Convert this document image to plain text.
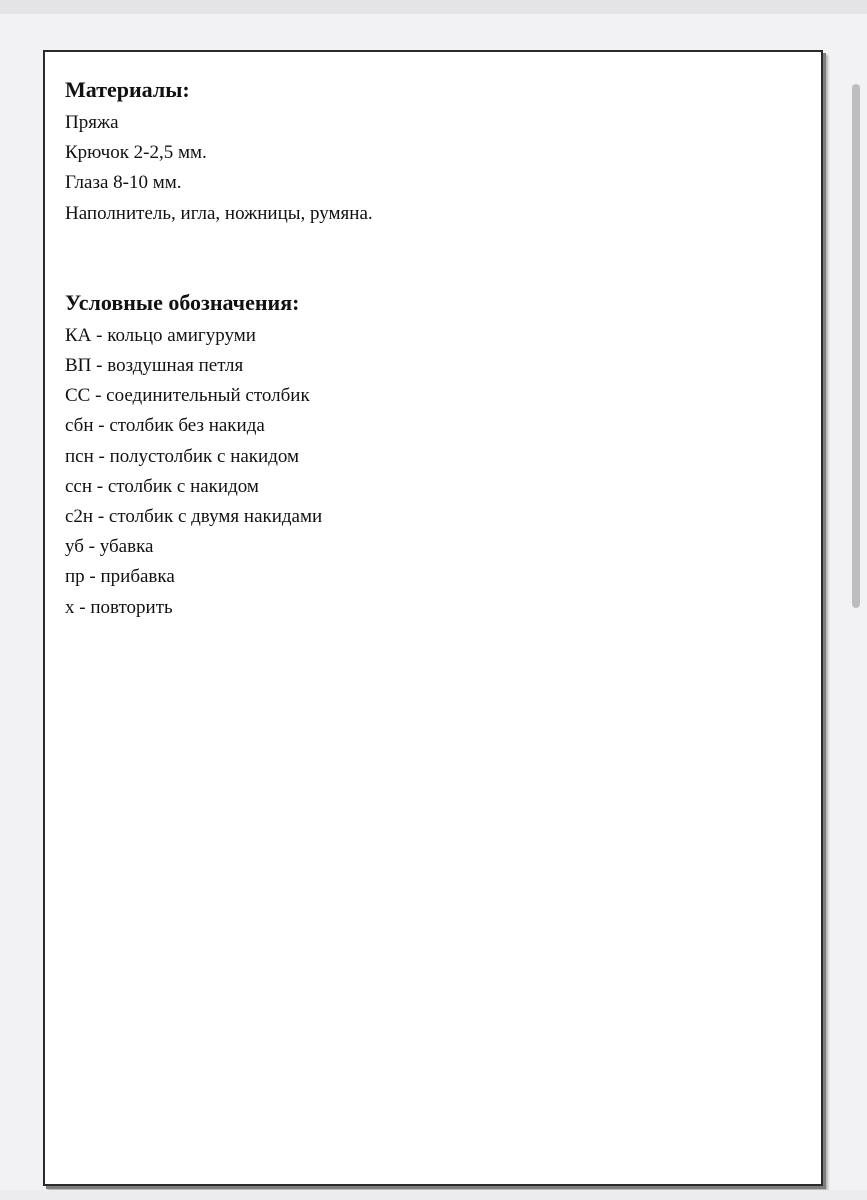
Материалы:

Пряжа

Крючок 2-2,5 мм.

Глаза 8-10 мм.

Наполнитель, игла, ножницы, румяна.

Условные обозначения:

КА - кольцо амигуруми

ВП - воздушная петля

СС - соединительный столбик

сбн - столбик без накида

псн - полустолбик с накидом

ссн - столбик с накидом

с2н - столбик с двумя накидами

уб - убавка

пр - прибавка

х - повторить
